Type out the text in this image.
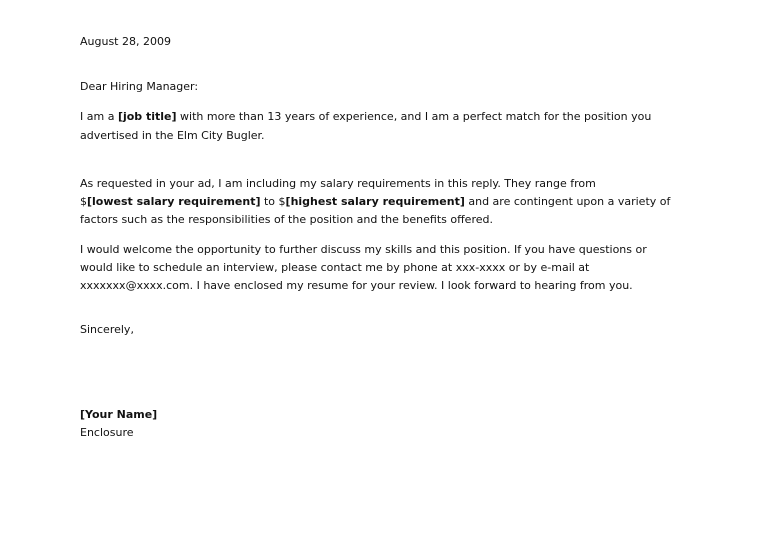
August 28, 2009
Dear Hiring Manager:
I am a [job title] with more than 13 years of experience, and I am a perfect match for the position you
advertised in the Elm City Bugler.
As requested in your ad, I am including my salary requirements in this reply. They range from
$[lowest salary requirement] to $[highest salary requirement] and are contingent upon a variety of
factors such as the responsibilities of the position and the benefits offered.
I would welcome the opportunity to further discuss my skills and this position. If you have questions or
would like to schedule an interview, please contact me by phone at xxx-xxxx or by e-mail at
xxxxxxx@xxxx.com. I have enclosed my resume for your review. I look forward to hearing from you.
Sincerely,
[Your Name]
Enclosure
